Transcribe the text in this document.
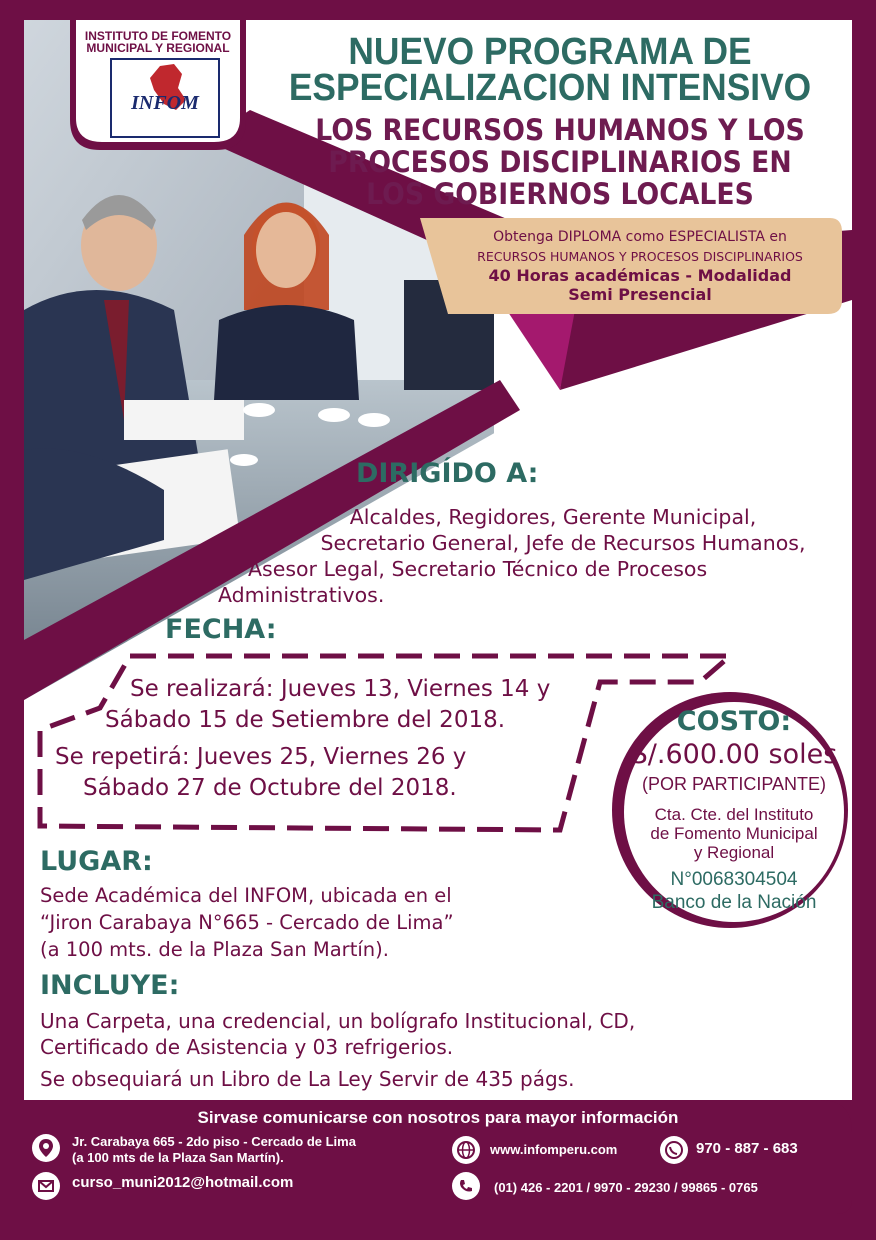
INSTITUTO DE FOMENTO
MUNICIPAL Y REGIONAL
INFOM
NUEVO PROGRAMA DE
ESPECIALIZACION INTENSIVO
LOS RECURSOS HUMANOS Y LOS
PROCESOS DISCIPLINARIOS EN
LOS GOBIERNOS LOCALES
Obtenga DIPLOMA como ESPECIALISTA en
RECURSOS HUMANOS Y PROCESOS DISCIPLINARIOS
40 Horas académicas - Modalidad
Semi Presencial
DIRIGÍDO A:
Alcaldes, Regidores, Gerente Municipal,
Secretario General, Jefe de Recursos Humanos,
Asesor Legal, Secretario Técnico de Procesos
Administrativos.
FECHA:
Se realizará: Jueves 13, Viernes 14 y
Sábado 15 de Setiembre del 2018.
Se repetirá: Jueves 25, Viernes 26 y
Sábado 27 de Octubre del 2018.
COSTO:
S/.600.00 soles
(POR PARTICIPANTE)
Cta. Cte. del Instituto
de Fomento Municipal
y Regional
N°0068304504
Banco de la Nación
LUGAR:
Sede Académica del INFOM, ubicada en el
“Jiron Carabaya N°665 - Cercado de Lima”
(a 100 mts. de la Plaza San Martín).
INCLUYE:
Una Carpeta, una credencial, un bolígrafo Institucional, CD,
Certificado de Asistencia y 03 refrigerios.
Se obsequiará un Libro de La Ley Servir de 435 págs.
Sirvase comunicarse con nosotros para mayor información
Jr. Carabaya 665 - 2do piso - Cercado de Lima
(a 100 mts de la Plaza San Martín).
curso_muni2012@hotmail.com
www.infomperu.com	970 - 887 - 683
(01) 426 - 2201 / 9970 - 29230 / 99865 - 0765
